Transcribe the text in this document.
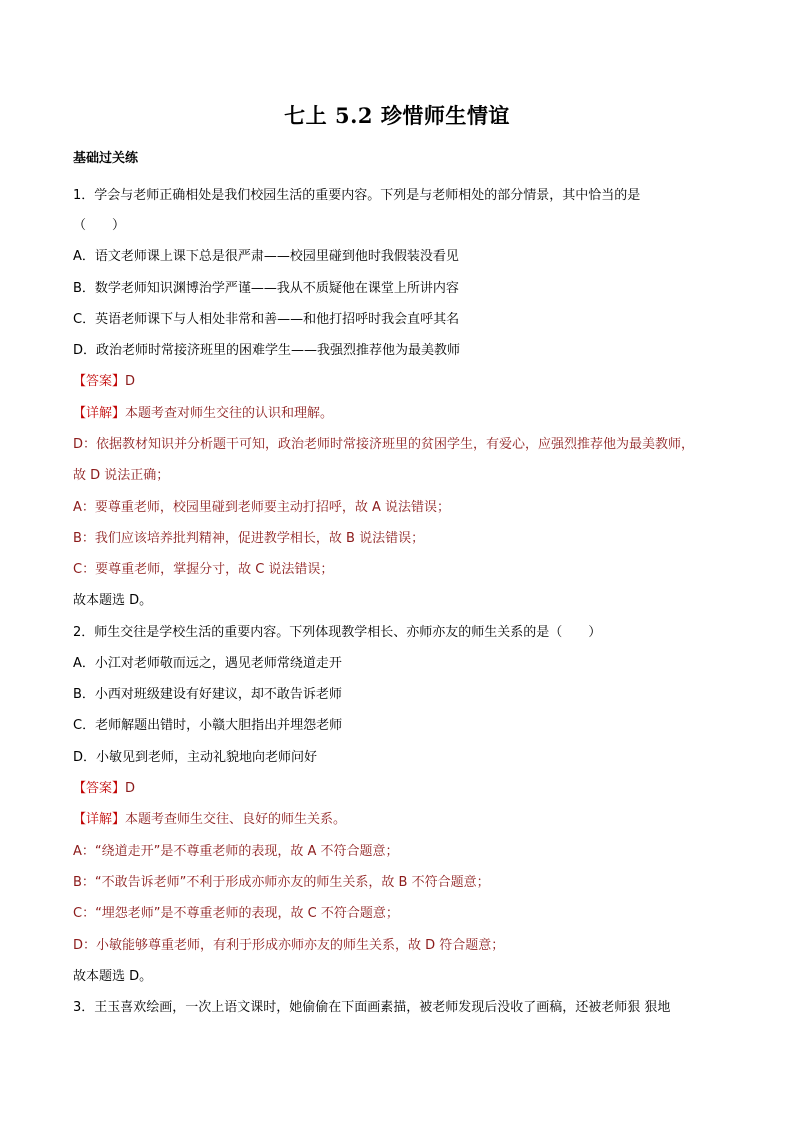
七上 5.2 珍惜师生情谊
基础过关练
1．学会与老师正确相处是我们校园生活的重要内容。下列是与老师相处的部分情景，其中恰当的是
（　　）
A．语文老师课上课下总是很严肃——校园里碰到他时我假装没看见
B．数学老师知识渊博治学严谨——我从不质疑他在课堂上所讲内容
C．英语老师课下与人相处非常和善——和他打招呼时我会直呼其名
D．政治老师时常接济班里的困难学生——我强烈推荐他为最美教师
【答案】D
【详解】本题考查对师生交往的认识和理解。
D：依据教材知识并分析题干可知，政治老师时常接济班里的贫困学生，有爱心，应强烈推荐他为最美教师，
故 D 说法正确；
A：要尊重老师，校园里碰到老师要主动打招呼，故 A 说法错误；
B：我们应该培养批判精神，促进教学相长，故 B 说法错误；
C：要尊重老师，掌握分寸，故 C 说法错误；
故本题选 D。
2．师生交往是学校生活的重要内容。下列体现教学相长、亦师亦友的师生关系的是（　　）
A．小江对老师敬而远之，遇见老师常绕道走开
B．小西对班级建设有好建议，却不敢告诉老师
C．老师解题出错时，小赣大胆指出并埋怨老师
D．小敏见到老师，主动礼貌地向老师问好
【答案】D
【详解】本题考查师生交往、良好的师生关系。
A：“绕道走开”是不尊重老师的表现，故 A 不符合题意；
B：“不敢告诉老师”不利于形成亦师亦友的师生关系，故 B 不符合题意；
C：“埋怨老师”是不尊重老师的表现，故 C 不符合题意；
D：小敏能够尊重老师，有利于形成亦师亦友的师生关系，故 D 符合题意；
故本题选 D。
3．王玉喜欢绘画，一次上语文课时，她偷偷在下面画素描，被老师发现后没收了画稿，还被老师狠 狠地
